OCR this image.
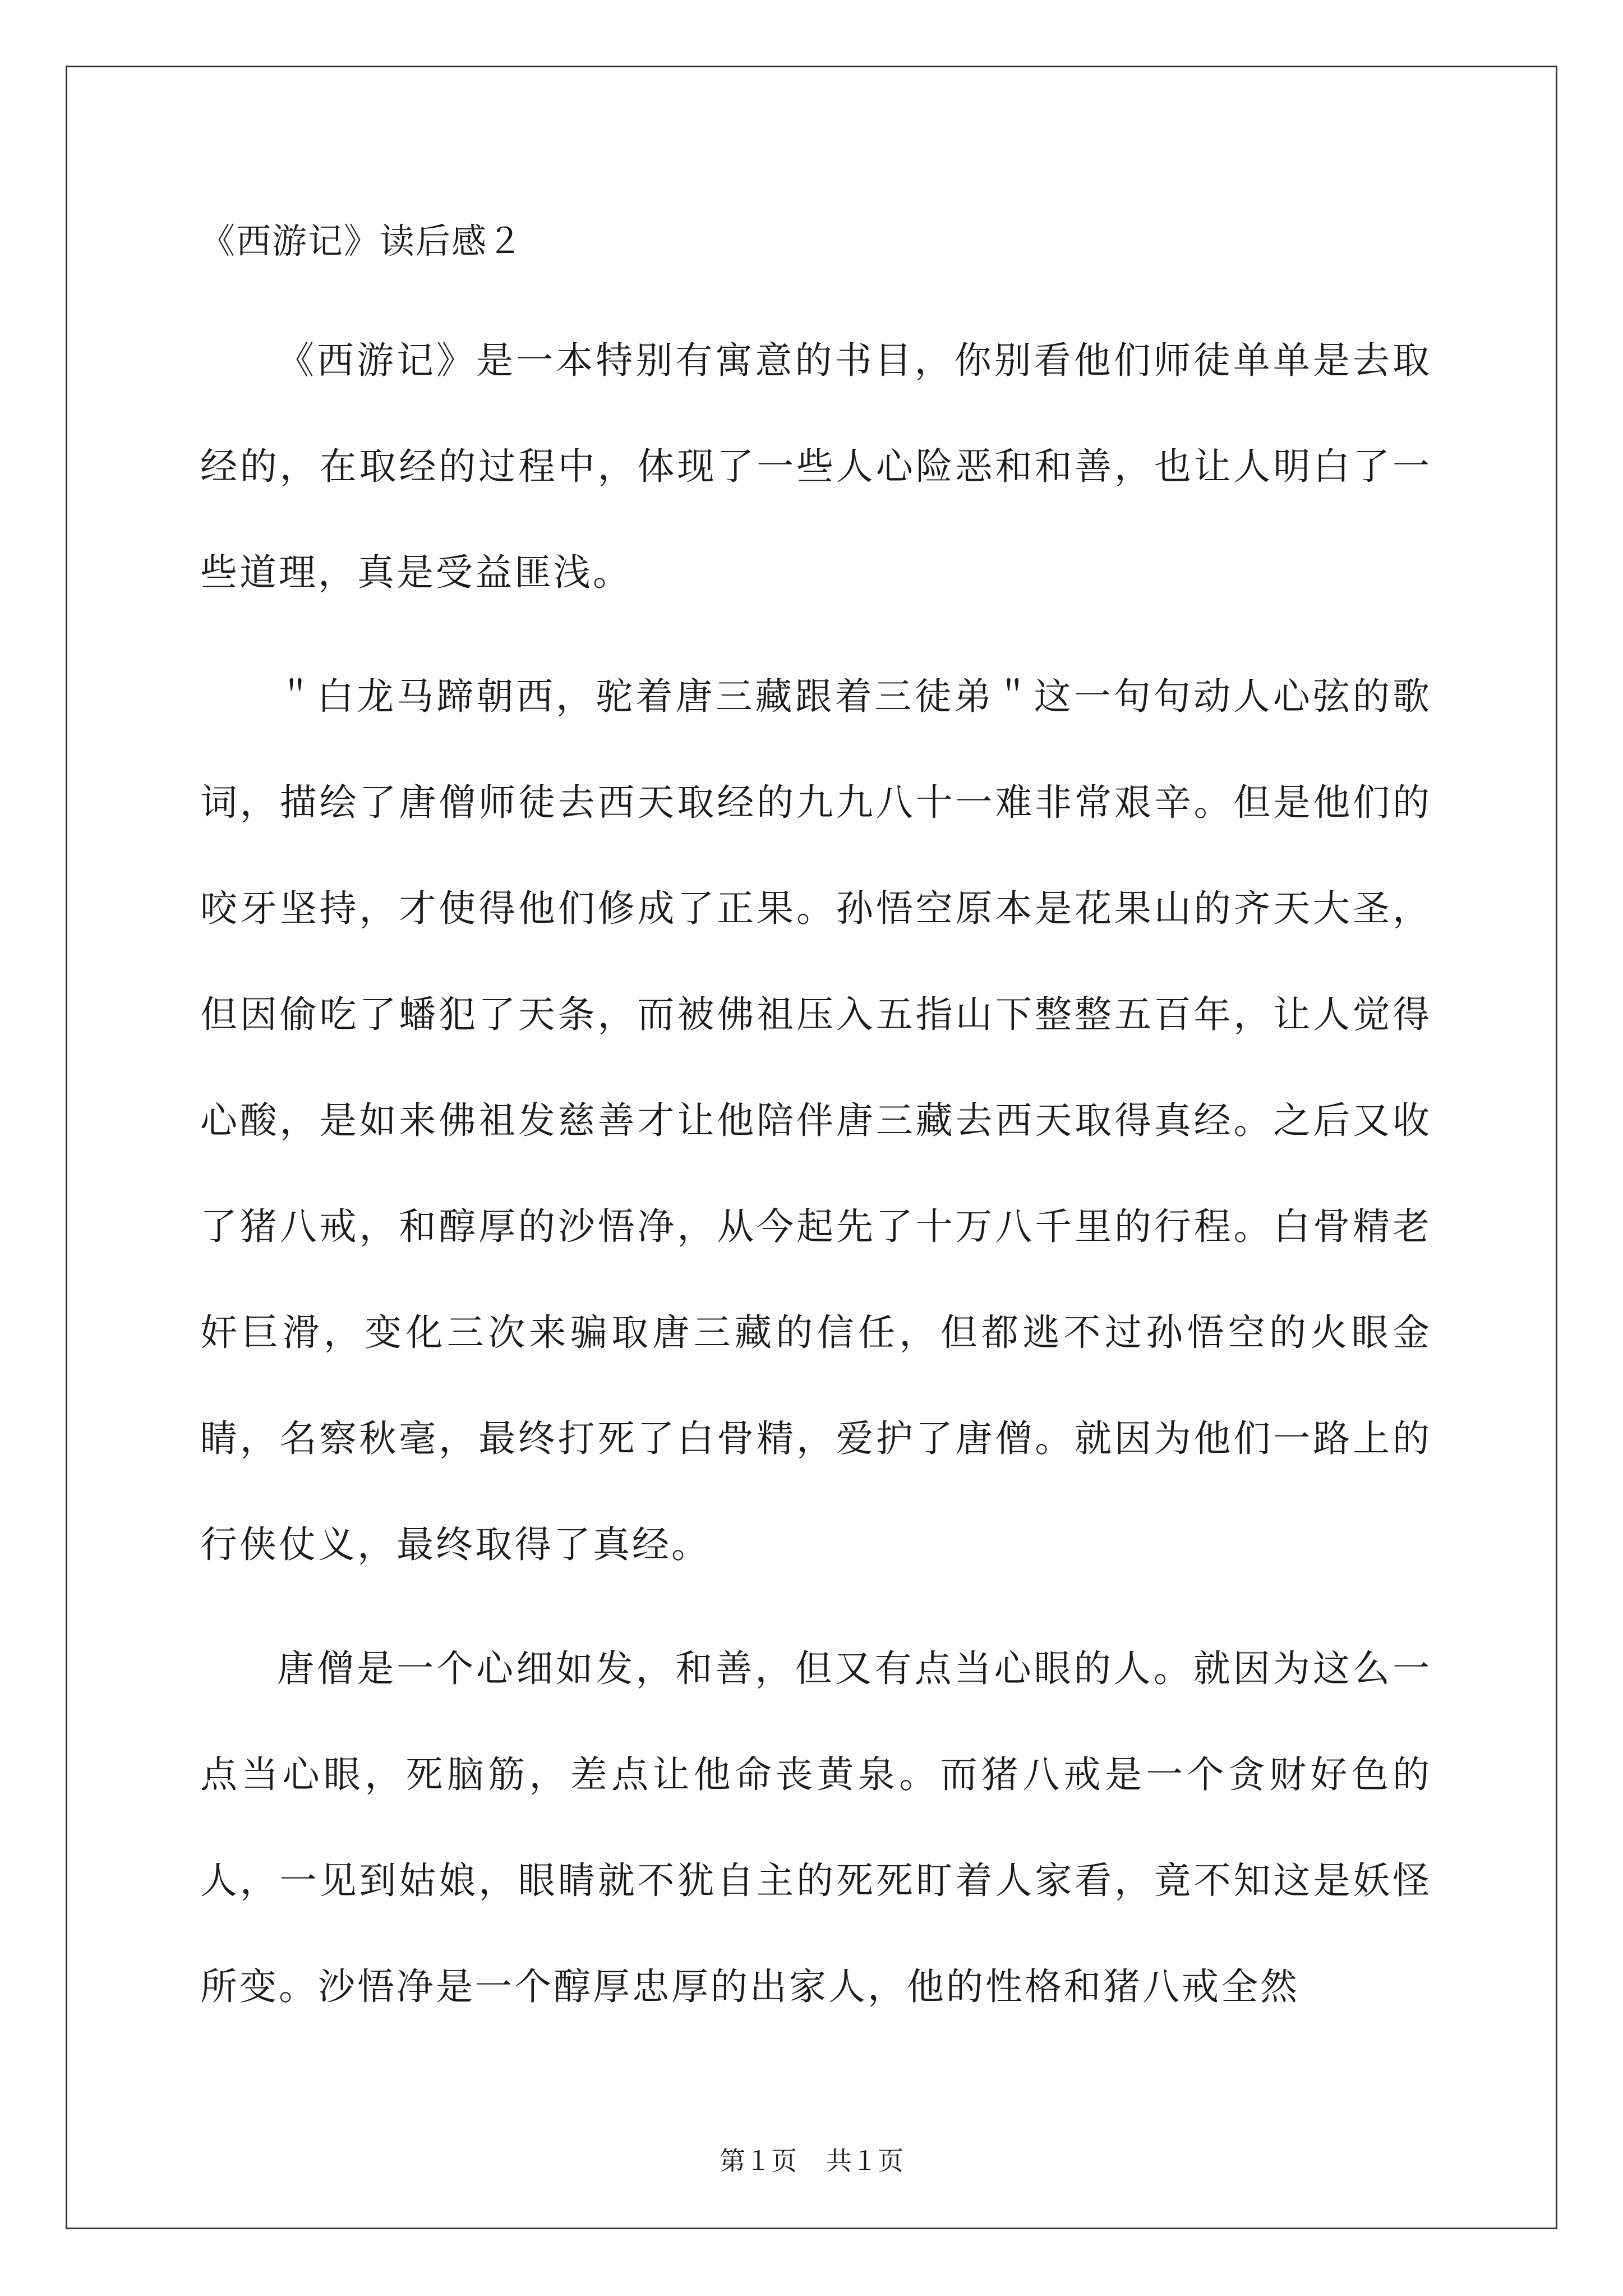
《西游记》读后感２

《西游记》是一本特别有寓意的书目，你别看他们师徒单单是去取经的，在取经的过程中，体现了一些人心险恶和和善，也让人明白了一些道理，真是受益匪浅。

＂白龙马蹄朝西，驼着唐三藏跟着三徒弟＂这一句句动人心弦的歌词，描绘了唐僧师徒去西天取经的九九八十一难非常艰辛。但是他们的咬牙坚持，才使得他们修成了正果。孙悟空原本是花果山的齐天大圣，但因偷吃了蟠犯了天条，而被佛祖压入五指山下整整五百年，让人觉得心酸，是如来佛祖发慈善才让他陪伴唐三藏去西天取得真经。之后又收了猪八戒，和醇厚的沙悟净，从今起先了十万八千里的行程。白骨精老奸巨滑，变化三次来骗取唐三藏的信任，但都逃不过孙悟空的火眼金睛，名察秋毫，最终打死了白骨精，爱护了唐僧。就因为他们一路上的行侠仗义，最终取得了真经。

唐僧是一个心细如发，和善，但又有点当心眼的人。就因为这么一点当心眼，死脑筋，差点让他命丧黄泉。而猪八戒是一个贪财好色的人，一见到姑娘，眼睛就不犹自主的死死盯着人家看，竟不知这是妖怪所变。沙悟净是一个醇厚忠厚的出家人，他的性格和猪八戒全然

第１页 共１页
